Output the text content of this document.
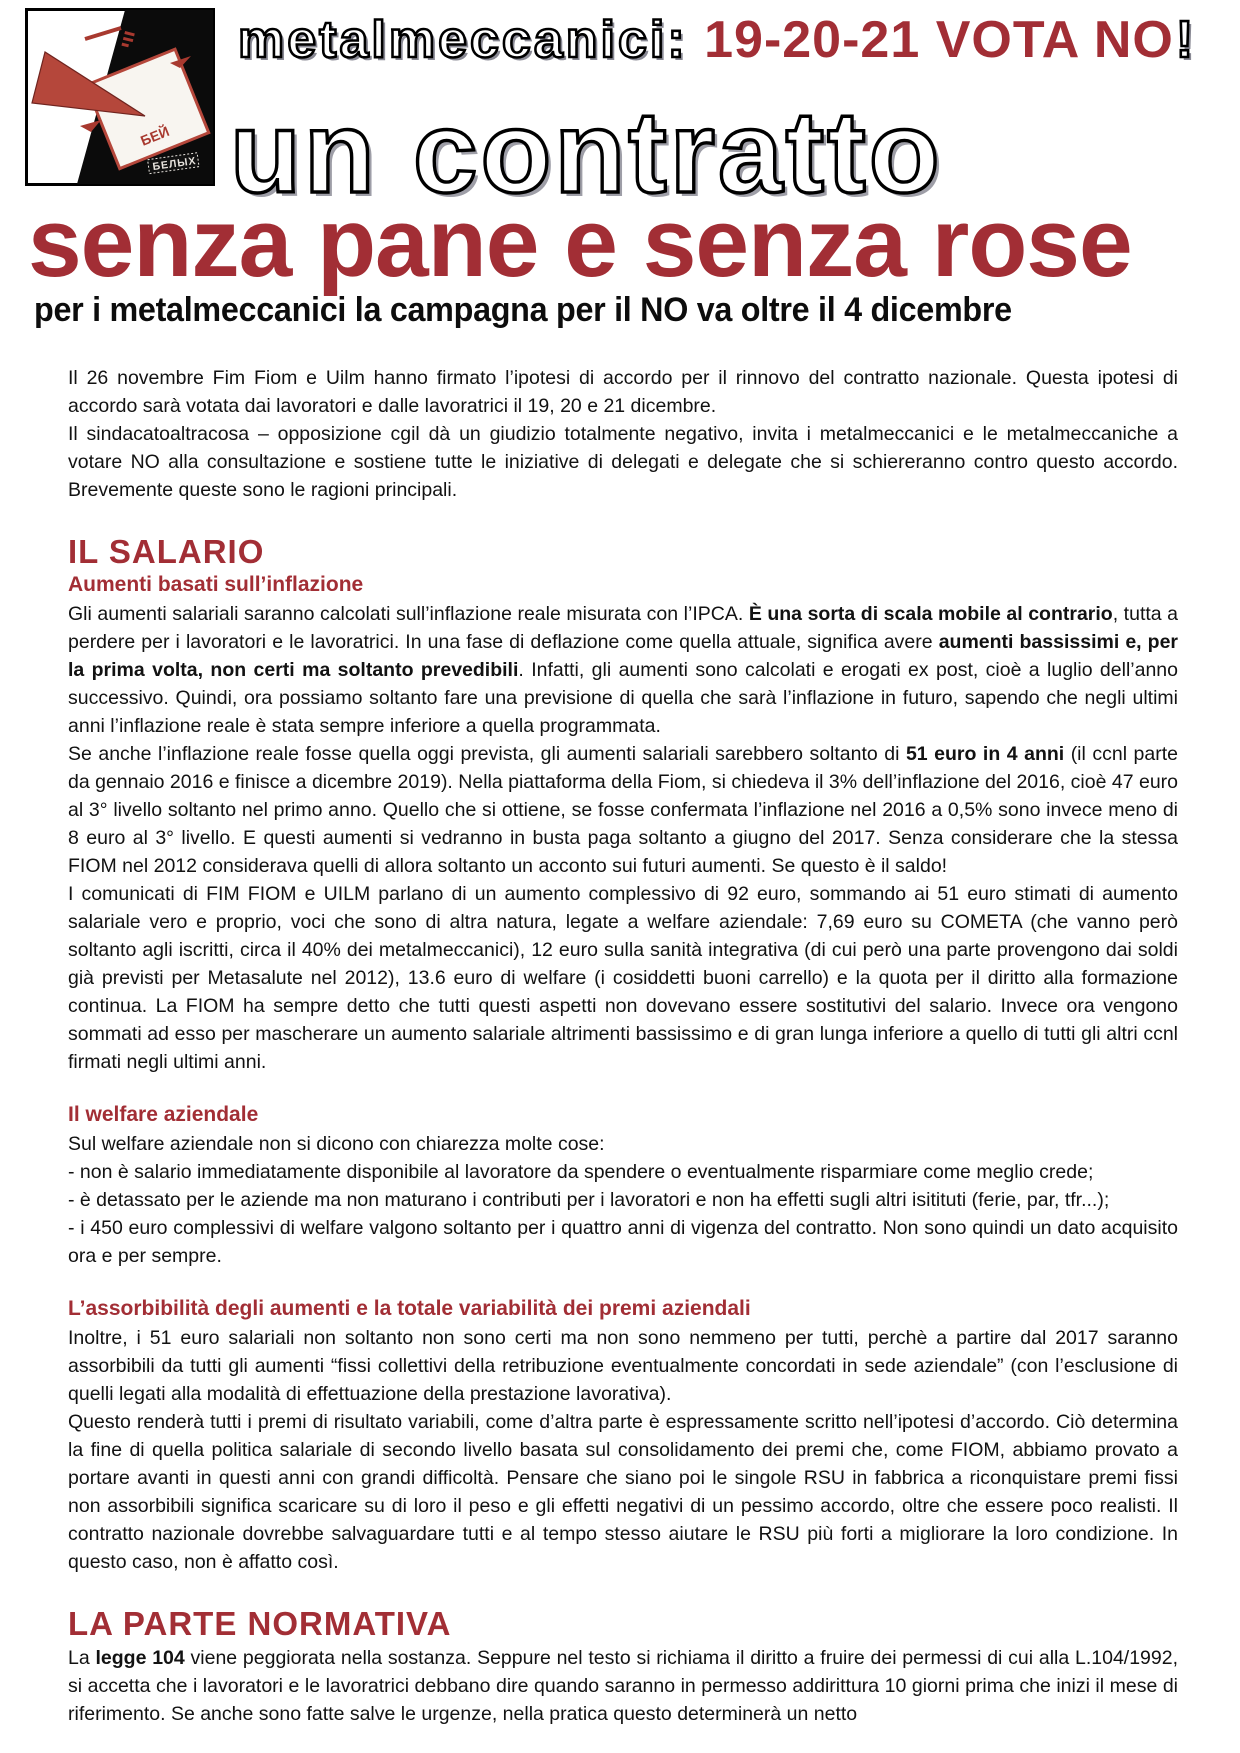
БЕЙ
БЕЛЫХ
metalmeccanici: 19-20-21 VOTA NO!
un contratto
senza pane e senza rose
per i metalmeccanici la campagna per il NO va oltre il 4 dicembre

Il 26 novembre Fim Fiom e Uilm hanno firmato l’ipotesi di accordo per il rinnovo del contratto nazionale. Questa ipotesi di accordo sarà votata dai lavoratori e dalle lavoratrici il 19, 20 e 21 dicembre.

Il sindacatoaltracosa – opposizione cgil dà un giudizio totalmente negativo, invita i metalmeccanici e le metalmeccaniche a votare NO alla consultazione e sostiene tutte le iniziative di delegati e delegate che si schiereranno contro questo accordo. Brevemente queste sono le ragioni principali.

IL SALARIO
Aumenti basati sull’inflazione

Gli aumenti salariali saranno calcolati sull’inflazione reale misurata con l’IPCA. È una sorta di scala mobile al contrario, tutta a perdere per i lavoratori e le lavoratrici. In una fase di deflazione come quella attuale, significa avere aumenti bassissimi e, per la prima volta, non certi ma soltanto prevedibili. Infatti, gli aumenti sono calcolati e erogati ex post, cioè a luglio dell’anno successivo. Quindi, ora possiamo soltanto fare una previsione di quella che sarà l’inflazione in futuro, sapendo che negli ultimi anni l’inflazione reale è stata sempre inferiore a quella programmata.

Se anche l’inflazione reale fosse quella oggi prevista, gli aumenti salariali sarebbero soltanto di 51 euro in 4 anni (il ccnl parte da gennaio 2016 e finisce a dicembre 2019). Nella piattaforma della Fiom, si chiedeva il 3% dell’inflazione del 2016, cioè 47 euro al 3° livello soltanto nel primo anno. Quello che si ottiene, se fosse confermata l’inflazione nel 2016 a 0,5% sono invece meno di 8 euro al 3° livello. E questi aumenti si vedranno in busta paga soltanto a giugno del 2017. Senza considerare che la stessa FIOM nel 2012 considerava quelli di allora soltanto un acconto sui futuri aumenti. Se questo è il saldo!

I comunicati di FIM FIOM e UILM parlano di un aumento complessivo di 92 euro, sommando ai 51 euro stimati di aumento salariale vero e proprio, voci che sono di altra natura, legate a welfare aziendale: 7,69 euro su COMETA (che vanno però soltanto agli iscritti, circa il 40% dei metalmeccanici), 12 euro sulla sanità integrativa (di cui però una parte provengono dai soldi già previsti per Metasalute nel 2012), 13.6 euro di welfare (i cosiddetti buoni carrello) e la quota per il diritto alla formazione continua. La FIOM ha sempre detto che tutti questi aspetti non dovevano essere sostitutivi del salario. Invece ora vengono sommati ad esso per mascherare un aumento salariale altrimenti bassissimo e di gran lunga inferiore a quello di tutti gli altri ccnl firmati negli ultimi anni.

Il welfare aziendale
Sul welfare aziendale non si dicono con chiarezza molte cose:
- non è salario immediatamente disponibile al lavoratore da spendere o eventualmente risparmiare come meglio crede;
- è detassato per le aziende ma non maturano i contributi per i lavoratori e non ha effetti sugli altri isitituti (ferie, par, tfr...);
- i 450 euro complessivi di welfare valgono soltanto per i quattro anni di vigenza del contratto. Non sono quindi un dato acquisito ora e per sempre.
L’assorbibilità degli aumenti e la totale variabilità dei premi aziendali

Inoltre, i 51 euro salariali non soltanto non sono certi ma non sono nemmeno per tutti, perchè a partire dal 2017 saranno assorbibili da tutti gli aumenti “fissi collettivi della retribuzione eventualmente concordati in sede aziendale” (con l’esclusione di quelli legati alla modalità di effettuazione della prestazione lavorativa).

Questo renderà tutti i premi di risultato variabili, come d’altra parte è espressamente scritto nell’ipotesi d’accordo. Ciò determina la fine di quella politica salariale di secondo livello basata sul consolidamento dei premi che, come FIOM, abbiamo provato a portare avanti in questi anni con grandi difficoltà. Pensare che siano poi le singole RSU in fabbrica a riconquistare premi fissi non assorbibili significa scaricare su di loro il peso e gli effetti negativi di un pessimo accordo, oltre che essere poco realisti. Il contratto nazionale dovrebbe salvaguardare tutti e al tempo stesso aiutare le RSU più forti a migliorare la loro condizione. In questo caso, non è affatto così.

LA PARTE NORMATIVA

La legge 104 viene peggiorata nella sostanza. Seppure nel testo si richiama il diritto a fruire dei permessi di cui alla L.104/1992, si accetta che i lavoratori e le lavoratrici debbano dire quando saranno in permesso addirittura 10 giorni prima che inizi il mese di riferimento. Se anche sono fatte salve le urgenze, nella pratica questo determinerà un netto
